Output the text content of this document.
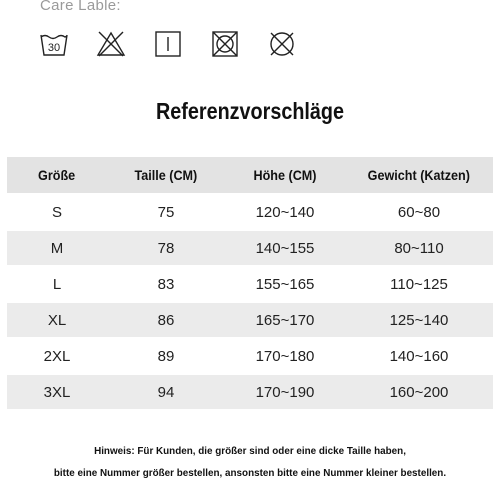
Care Lable:
30
Referenzvorschläge
Größe	Taille (CM)	Höhe (CM)	Gewicht (Katzen)
S	75	120~140	60~80
M	78	140~155	80~110
L	83	155~165	110~125
XL	86	165~170	125~140
2XL	89	170~180	140~160
3XL	94	170~190	160~200
Hinweis: Für Kunden, die größer sind oder eine dicke Taille haben,
bitte eine Nummer größer bestellen, ansonsten bitte eine Nummer kleiner bestellen.
